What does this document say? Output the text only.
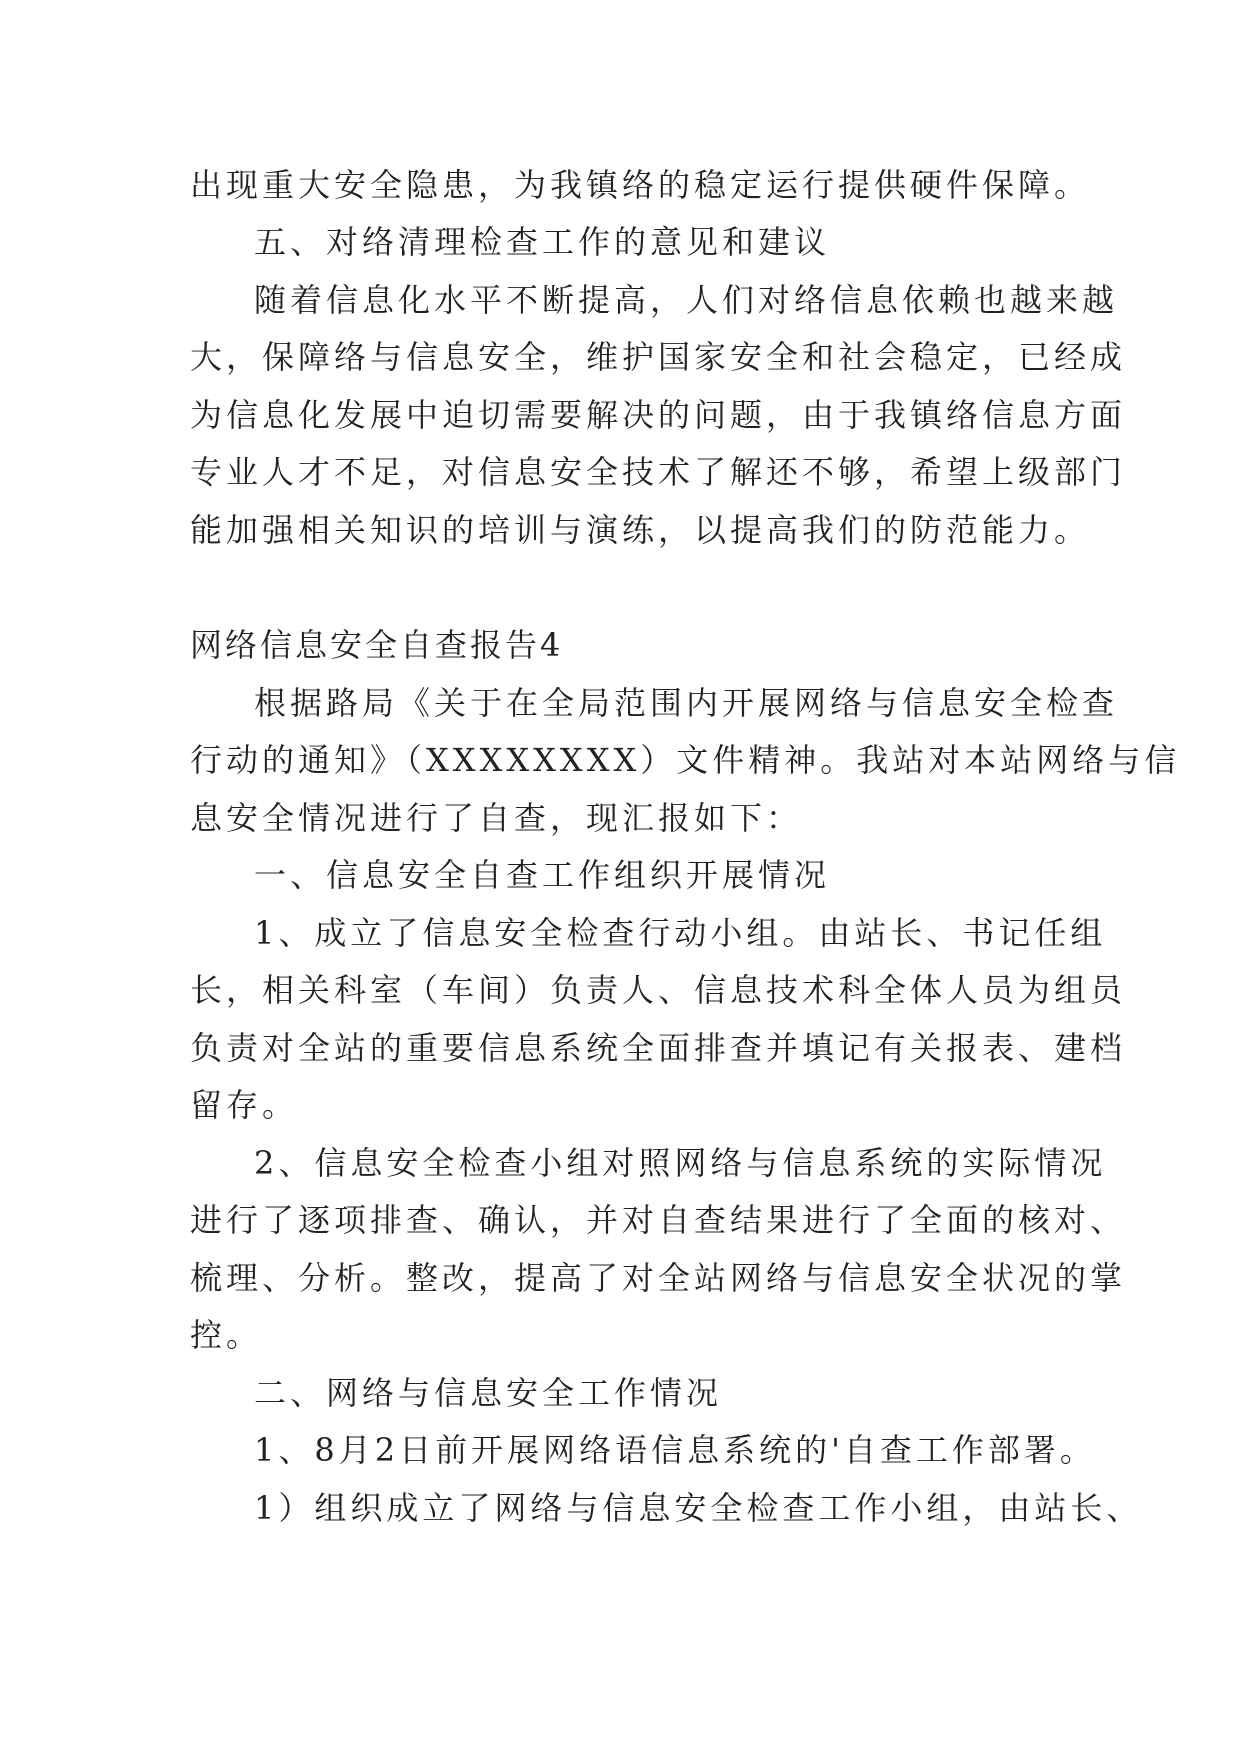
出现重大安全隐患，为我镇络的稳定运行提供硬件保障。

五、对络清理检查工作的意见和建议

随着信息化水平不断提高，人们对络信息依赖也越来越

大，保障络与信息安全，维护国家安全和社会稳定，已经成

为信息化发展中迫切需要解决的问题，由于我镇络信息方面

专业人才不足，对信息安全技术了解还不够，希望上级部门

能加强相关知识的培训与演练，以提高我们的防范能力。

网络信息安全自查报告4

根据路局《关于在全局范围内开展网络与信息安全检查

行动的通知》（XXXXXXXX）文件精神。我站对本站网络与信

息安全情况进行了自查，现汇报如下：

一、信息安全自查工作组织开展情况

1、成立了信息安全检查行动小组。由站长、书记任组

长，相关科室（车间）负责人、信息技术科全体人员为组员

负责对全站的重要信息系统全面排查并填记有关报表、建档

留存。

2、信息安全检查小组对照网络与信息系统的实际情况

进行了逐项排查、确认，并对自查结果进行了全面的核对、

梳理、分析。整改，提高了对全站网络与信息安全状况的掌

控。

二、网络与信息安全工作情况

1、8月2日前开展网络语信息系统的'自查工作部署。

1）组织成立了网络与信息安全检查工作小组，由站长、
